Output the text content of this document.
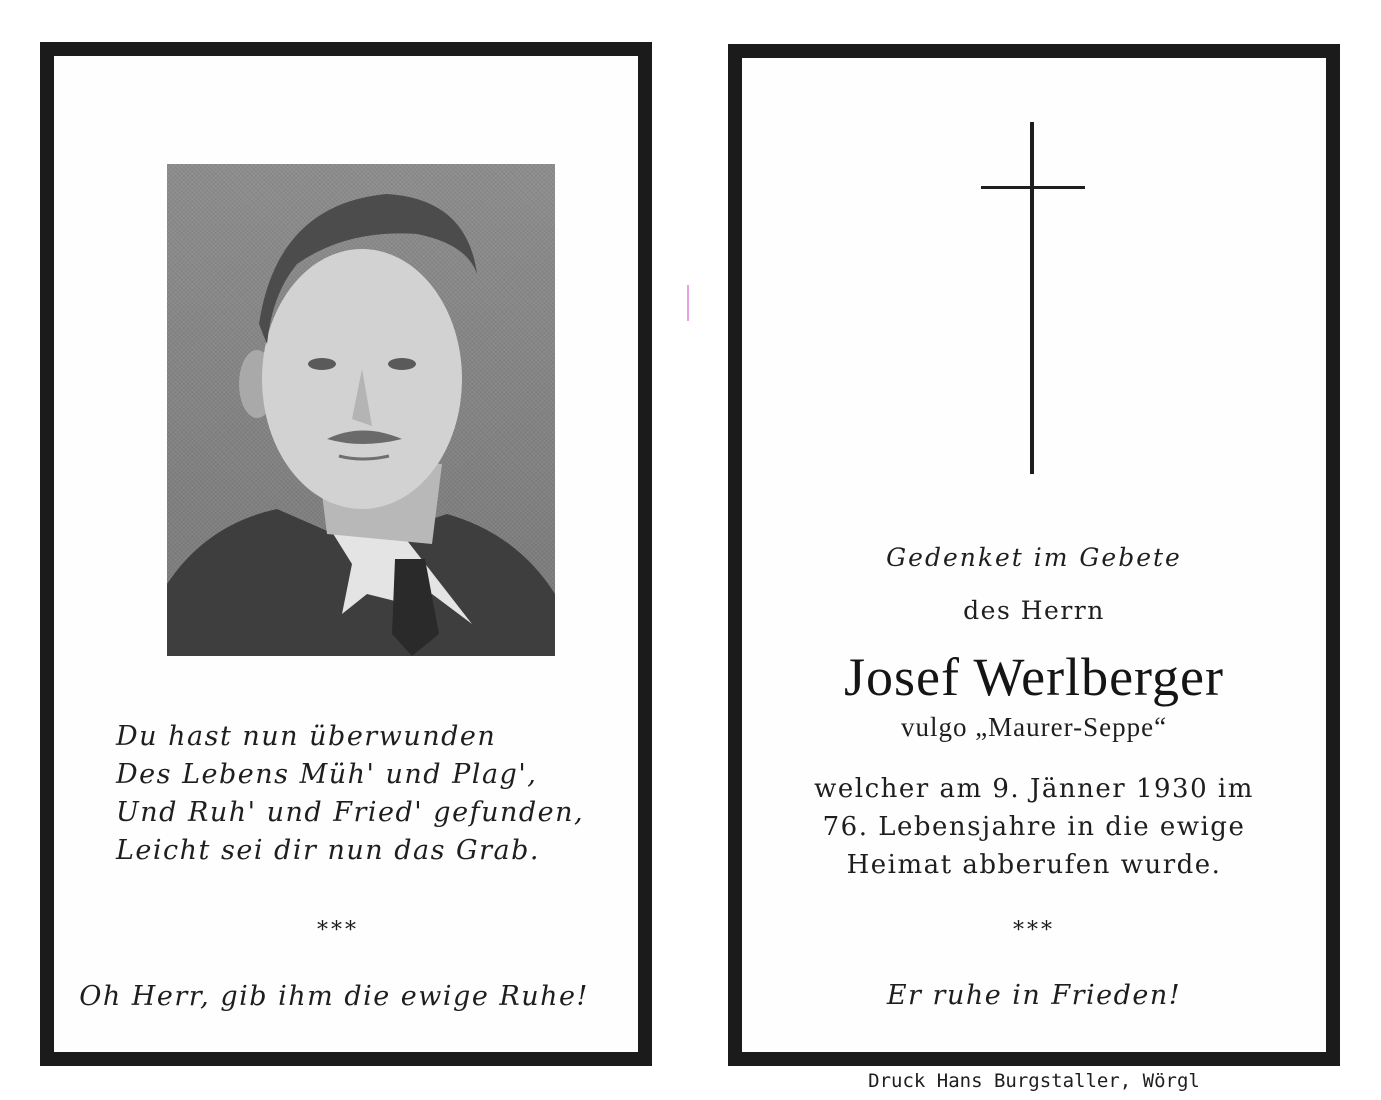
Du hast nun überwunden
Des Lebens Müh' und Plag',
Und Ruh' und Fried' gefunden,
Leicht sei dir nun das Grab.
***
Oh Herr, gib ihm die ewige Ruhe!
Gedenket im Gebete
des Herrn
Josef Werlberger
vulgo „Maurer-Seppe“
welcher am 9. Jänner 1930 im
76. Lebensjahre in die ewige
Heimat abberufen wurde.
***
Er ruhe in Frieden!
Druck Hans Burgstaller, Wörgl
